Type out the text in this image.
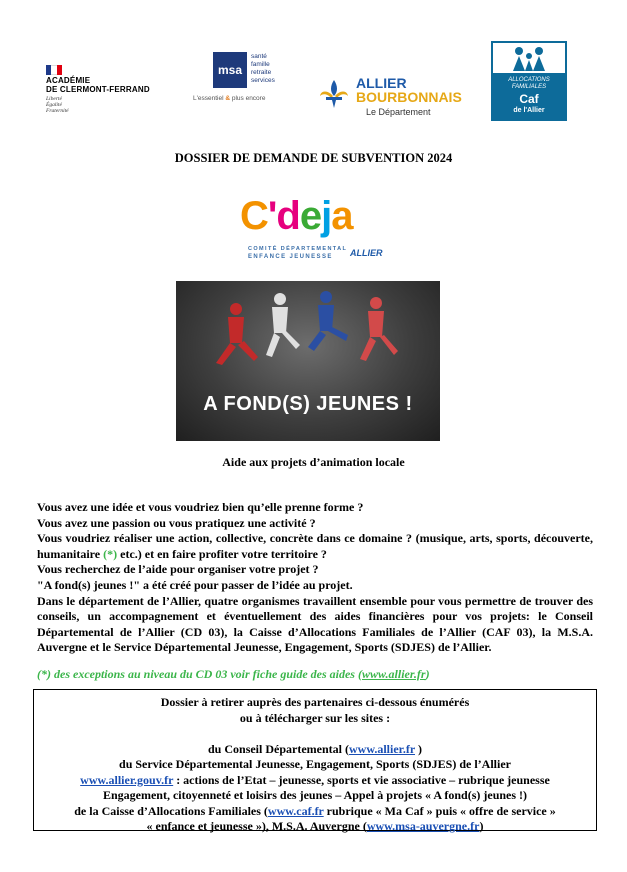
ACADÉMIE
DE CLERMONT-FERRAND
Liberté
Égalité
Fraternité
msa
santé
famille
retraite
services
L'essentiel & plus encore
ALLIER
BOURBONNAIS
Le Département
ALLOCATIONS
FAMILIALES
Caf
de l'Allier
DOSSIER DE DEMANDE DE SUBVENTION 2024
C'deja
COMITÉ DÉPARTEMENTAL
ENFANCE JEUNESSE ALLIER
A FOND(S) JEUNES !
Aide aux projets d’animation locale

Vous avez une idée et vous voudriez bien qu’elle prenne forme ?

Vous avez une passion ou vous pratiquez une activité ?

Vous voudriez réaliser une action, collective, concrète dans ce domaine ? (musique, arts, sports, découverte, humanitaire (*) etc.) et en faire profiter votre territoire ?

Vous recherchez de l’aide pour organiser votre projet ?

"A fond(s) jeunes !" a été créé pour passer de l’idée au projet.

Dans le département de l’Allier, quatre organismes travaillent ensemble pour vous permettre de trouver des conseils, un accompagnement et éventuellement des aides financières pour vos projets: le Conseil Départemental de l’Allier (CD 03), la Caisse d’Allocations Familiales de l’Allier (CAF 03), la M.S.A. Auvergne et le Service Départemental Jeunesse, Engagement, Sports (SDJES) de l’Allier.

(*) des exceptions au niveau du CD 03 voir fiche guide des aides (www.allier.fr)

Dossier à retirer auprès des partenaires ci-dessous énumérés

ou à télécharger sur les sites :

du Conseil Départemental (www.allier.fr )

du Service Départemental Jeunesse, Engagement, Sports (SDJES) de l’Allier

www.allier.gouv.fr : actions de l’Etat – jeunesse, sports et vie associative – rubrique jeunesse

Engagement, citoyenneté et loisirs des jeunes – Appel à projets « A fond(s) jeunes !)

de la Caisse d’Allocations Familiales (www.caf.fr rubrique « Ma Caf » puis « offre de service »

« enfance et jeunesse »), M.S.A. Auvergne (www.msa-auvergne.fr)
